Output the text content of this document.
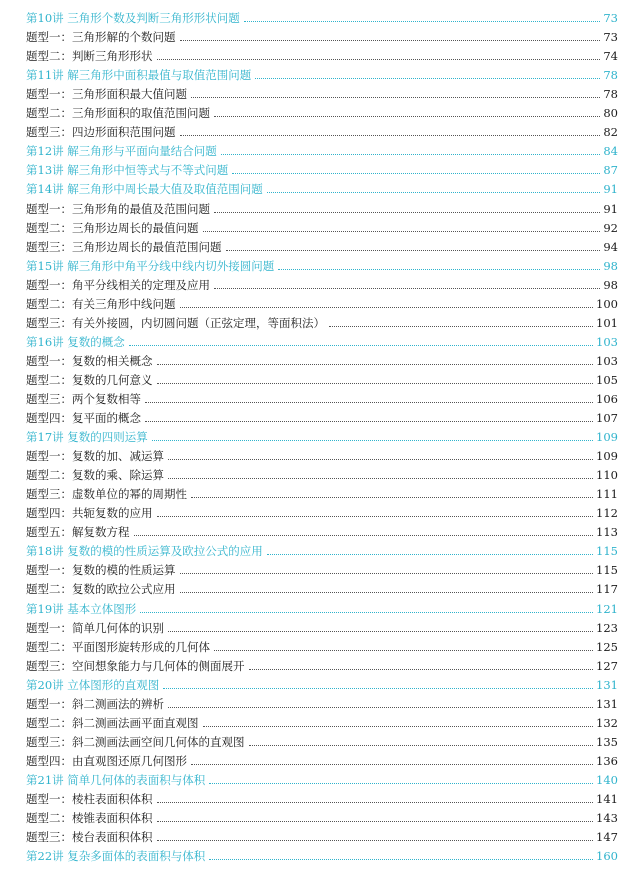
第10讲 三角形个数及判断三角形形状问题	73
题型一：三角形解的个数问题	73
题型二：判断三角形形状	74
第11讲 解三角形中面积最值与取值范围问题	78
题型一：三角形面积最大值问题	78
题型二：三角形面积的取值范围问题	80
题型三：四边形面积范围问题	82
第12讲 解三角形与平面向量结合问题	84
第13讲 解三角形中恒等式与不等式问题	87
第14讲 解三角形中周长最大值及取值范围问题	91
题型一：三角形角的最值及范围问题	91
题型二：三角形边周长的最值问题	92
题型三：三角形边周长的最值范围问题	94
第15讲 解三角形中角平分线中线内切外接圆问题	98
题型一：角平分线相关的定理及应用	98
题型二：有关三角形中线问题	100
题型三：有关外接圆，内切圆问题（正弦定理，等面积法）	101
第16讲 复数的概念	103
题型一：复数的相关概念	103
题型二：复数的几何意义	105
题型三：两个复数相等	106
题型四：复平面的概念	107
第17讲 复数的四则运算	109
题型一：复数的加、减运算	109
题型二：复数的乘、除运算	110
题型三：虚数单位的幂的周期性	111
题型四：共轭复数的应用	112
题型五：解复数方程	113
第18讲 复数的模的性质运算及欧拉公式的应用	115
题型一：复数的模的性质运算	115
题型二：复数的欧拉公式应用	117
第19讲 基本立体图形	121
题型一：简单几何体的识别	123
题型二：平面图形旋转形成的几何体	125
题型三：空间想象能力与几何体的侧面展开	127
第20讲 立体图形的直观图	131
题型一：斜二测画法的辨析	131
题型二：斜二测画法画平面直观图	132
题型三：斜二测画法画空间几何体的直观图	135
题型四：由直观图还原几何图形	136
第21讲 简单几何体的表面积与体积	140
题型一：棱柱表面积体积	141
题型二：棱锥表面积体积	143
题型三：棱台表面积体积	147
第22讲 复杂多面体的表面积与体积	160
